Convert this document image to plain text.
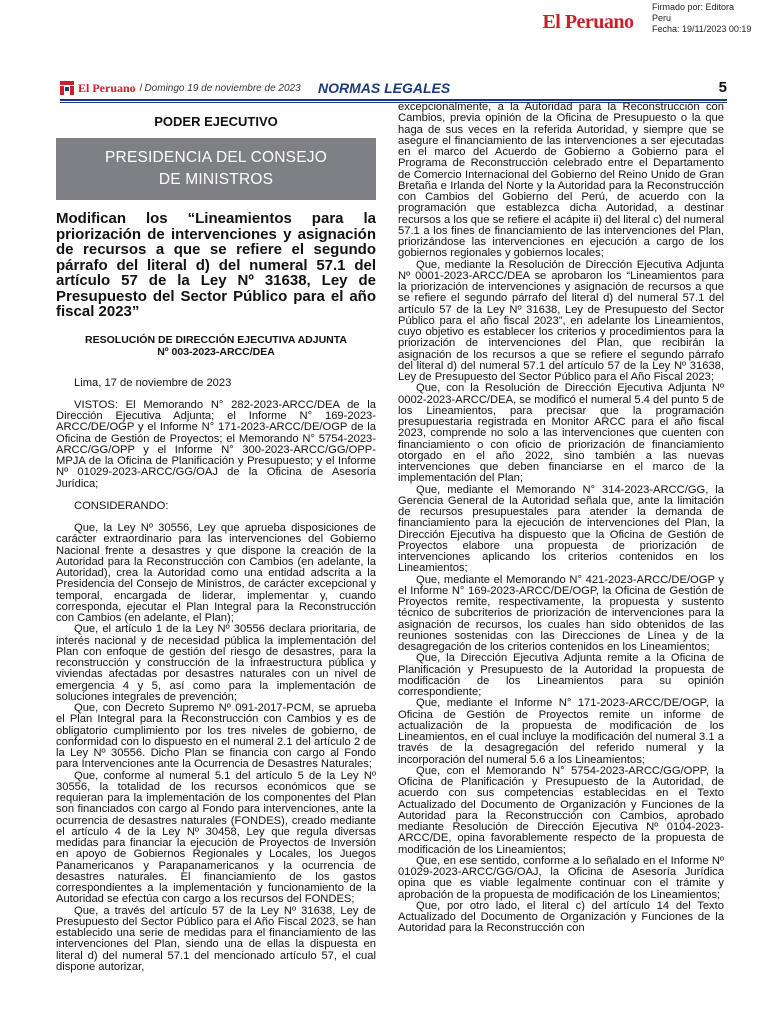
El Peruano
Firmado por: Editora
Peru
Fecha: 19/11/2023 00:19
El Peruano / Domingo 19 de noviembre de 2023 NORMAS LEGALES	5
PODER EJECUTIVO
PRESIDENCIA DEL CONSEJO
DE MINISTROS
Modifican los “Lineamientos para la priorización de intervenciones y asignación de recursos a que se refiere el segundo párrafo del literal d) del numeral 57.1 del artículo 57 de la Ley Nº 31638, Ley de Presupuesto del Sector Público para el año fiscal 2023”
RESOLUCIÓN DE DIRECCIÓN EJECUTIVA ADJUNTA
Nº 003-2023-ARCC/DEA

Lima, 17 de noviembre de 2023

VISTOS: El Memorando N° 282-2023-ARCC/DEA de la Dirección Ejecutiva Adjunta; el Informe N° 169-2023-ARCC/DE/OGP y el Informe N° 171-2023-ARCC/DE/OGP de la Oficina de Gestión de Proyectos; el Memorando N° 5754-2023-ARCC/GG/OPP y el Informe N° 300-2023-ARCC/GG/OPP-MPJA de la Oficina de Planificación y Presupuesto; y el Informe Nº 01029-2023-ARCC/GG/OAJ de la Oficina de Asesoría Jurídica;

CONSIDERANDO:

Que, la Ley Nº 30556, Ley que aprueba disposiciones de carácter extraordinario para las intervenciones del Gobierno Nacional frente a desastres y que dispone la creación de la Autoridad para la Reconstrucción con Cambios (en adelante, la Autoridad), crea la Autoridad como una entidad adscrita a la Presidencia del Consejo de Ministros, de carácter excepcional y temporal, encargada de liderar, implementar y, cuando corresponda, ejecutar el Plan Integral para la Reconstrucción con Cambios (en adelante, el Plan);

Que, el artículo 1 de la Ley Nº 30556 declara prioritaria, de interés nacional y de necesidad pública la implementación del Plan con enfoque de gestión del riesgo de desastres, para la reconstrucción y construcción de la infraestructura pública y viviendas afectadas por desastres naturales con un nivel de emergencia 4 y 5, así como para la implementación de soluciones integrales de prevención;

Que, con Decreto Supremo Nº 091-2017-PCM, se aprueba el Plan Integral para la Reconstrucción con Cambios y es de obligatorio cumplimiento por los tres niveles de gobierno, de conformidad con lo dispuesto en el numeral 2.1 del artículo 2 de la Ley Nº 30556. Dicho Plan se financia con cargo al Fondo para Intervenciones ante la Ocurrencia de Desastres Naturales;

Que, conforme al numeral 5.1 del artículo 5 de la Ley Nº 30556, la totalidad de los recursos económicos que se requieran para la implementación de los componentes del Plan son financiados con cargo al Fondo para intervenciones, ante la ocurrencia de desastres naturales (FONDES), creado mediante el artículo 4 de la Ley Nº 30458, Ley que regula diversas medidas para financiar la ejecución de Proyectos de Inversión en apoyo de Gobiernos Regionales y Locales, los Juegos Panamericanos y Parapanamericanos y la ocurrencia de desastres naturales. El financiamiento de los gastos correspondientes a la implementación y funcionamiento de la Autoridad se efectúa con cargo a los recursos del FONDES;

Que, a través del artículo 57 de la Ley Nº 31638, Ley de Presupuesto del Sector Público para el Año Fiscal 2023, se han establecido una serie de medidas para el financiamiento de las intervenciones del Plan, siendo una de ellas la dispuesta en literal d) del numeral 57.1 del mencionado artículo 57, el cual dispone autorizar,

excepcionalmente, a la Autoridad para la Reconstrucción con Cambios, previa opinión de la Oficina de Presupuesto o la que haga de sus veces en la referida Autoridad, y siempre que se asegure el financiamiento de las intervenciones a ser ejecutadas en el marco del Acuerdo de Gobierno a Gobierno para el Programa de Reconstrucción celebrado entre el Departamento de Comercio Internacional del Gobierno del Reino Unido de Gran Bretaña e Irlanda del Norte y la Autoridad para la Reconstrucción con Cambios del Gobierno del Perú, de acuerdo con la programación que establezca dicha Autoridad, a destinar recursos a los que se refiere el acápite ii) del literal c) del numeral 57.1 a los fines de financiamiento de las intervenciones del Plan, priorizándose las intervenciones en ejecución a cargo de los gobiernos regionales y gobiernos locales;

Que, mediante la Resolución de Dirección Ejecutiva Adjunta Nº 0001-2023-ARCC/DEA se aprobaron los “Lineamientos para la priorización de intervenciones y asignación de recursos a que se refiere el segundo párrafo del literal d) del numeral 57.1 del artículo 57 de la Ley Nº 31638, Ley de Presupuesto del Sector Público para el año fiscal 2023”, en adelante los Lineamientos, cuyo objetivo es establecer los criterios y procedimientos para la priorización de intervenciones del Plan, que recibirán la asignación de los recursos a que se refiere el segundo párrafo del literal d) del numeral 57.1 del artículo 57 de la Ley Nº 31638, Ley de Presupuesto del Sector Público para el Año Fiscal 2023;

Que, con la Resolución de Dirección Ejecutiva Adjunta Nº 0002-2023-ARCC/DEA, se modificó el numeral 5.4 del punto 5 de los Lineamientos, para precisar que la programación presupuestaria registrada en Monitor ARCC para el año fiscal 2023, comprende no solo a las intervenciones que cuenten con financiamiento o con oficio de priorización de financiamiento otorgado en el año 2022, sino también a las nuevas intervenciones que deben financiarse en el marco de la implementación del Plan;

Que, mediante el Memorando N° 314-2023-ARCC/GG, la Gerencia General de la Autoridad señala que, ante la limitación de recursos presupuestales para atender la demanda de financiamiento para la ejecución de intervenciones del Plan, la Dirección Ejecutiva ha dispuesto que la Oficina de Gestión de Proyectos elabore una propuesta de priorización de intervenciones aplicando los criterios contenidos en los Lineamientos;

Que, mediante el Memorando N° 421-2023-ARCC/DE/OGP y el Informe N° 169-2023-ARCC/DE/OGP, la Oficina de Gestión de Proyectos remite, respectivamente, la propuesta y sustento técnico de subcriterios de priorización de intervenciones para la asignación de recursos, los cuales han sido obtenidos de las reuniones sostenidas con las Direcciones de Línea y de la desagregación de los criterios contenidos en los Lineamientos;

Que, la Dirección Ejecutiva Adjunta remite a la Oficina de Planificación y Presupuesto de la Autoridad la propuesta de modificación de los Lineamientos para su opinión correspondiente;

Que, mediante el Informe N° 171-2023-ARCC/DE/OGP, la Oficina de Gestión de Proyectos remite un informe de actualización de la propuesta de modificación de los Lineamientos, en el cual incluye la modificación del numeral 3.1 a través de la desagregación del referido numeral y la incorporación del numeral 5.6 a los Lineamientos;

Que, con el Memorando N° 5754-2023-ARCC/GG/OPP, la Oficina de Planificación y Presupuesto de la Autoridad, de acuerdo con sus competencias establecidas en el Texto Actualizado del Documento de Organización y Funciones de la Autoridad para la Reconstrucción con Cambios, aprobado mediante Resolución de Dirección Ejecutiva Nº 0104-2023-ARCC/DE, opina favorablemente respecto de la propuesta de modificación de los Lineamientos;

Que, en ese sentido, conforme a lo señalado en el Informe Nº 01029-2023-ARCC/GG/OAJ, la Oficina de Asesoría Jurídica opina que es viable legalmente continuar con el trámite y aprobación de la propuesta de modificación de los Lineamientos;

Que, por otro lado, el literal c) del artículo 14 del Texto Actualizado del Documento de Organización y Funciones de la Autoridad para la Reconstrucción con
